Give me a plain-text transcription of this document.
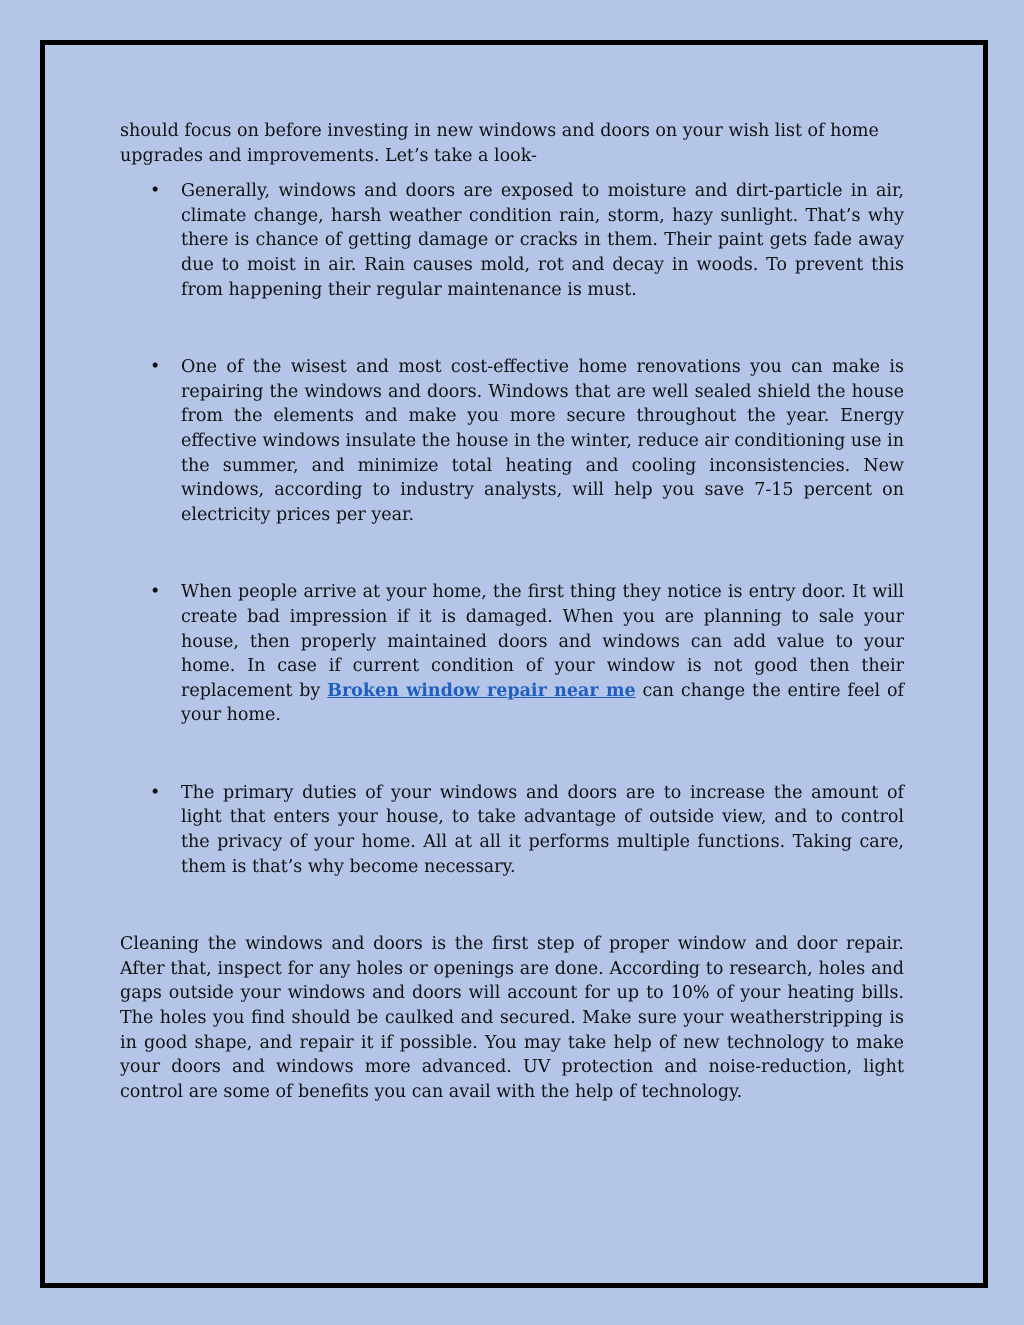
should focus on before investing in new windows and doors on your wish list of home upgrades and improvements. Let’s take a look-

• Generally, windows and doors are exposed to moisture and dirt-particle in air, climate change, harsh weather condition rain, storm, hazy sunlight. That’s why there is chance of getting damage or cracks in them. Their paint gets fade away due to moist in air. Rain causes mold, rot and decay in woods. To prevent this from happening their regular maintenance is must.
• One of the wisest and most cost-effective home renovations you can make is repairing the windows and doors. Windows that are well sealed shield the house from the elements and make you more secure throughout the year. Energy effective windows insulate the house in the winter, reduce air conditioning use in the summer, and minimize total heating and cooling inconsistencies. New windows, according to industry analysts, will help you save 7-15 percent on electricity prices per year.
• When people arrive at your home, the first thing they notice is entry door. It will create bad impression if it is damaged. When you are planning to sale your house, then properly maintained doors and windows can add value to your home. In case if current condition of your window is not good then their replacement by Broken window repair near me can change the entire feel of your home.
• The primary duties of your windows and doors are to increase the amount of light that enters your house, to take advantage of outside view, and to control the privacy of your home. All at all it performs multiple functions. Taking care, them is that’s why become necessary.

Cleaning the windows and doors is the first step of proper window and door repair. After that, inspect for any holes or openings are done. According to research, holes and gaps outside your windows and doors will account for up to 10% of your heating bills. The holes you find should be caulked and secured. Make sure your weatherstripping is in good shape, and repair it if possible. You may take help of new technology to make your doors and windows more advanced. UV protection and noise-reduction, light control are some of benefits you can avail with the help of technology.
